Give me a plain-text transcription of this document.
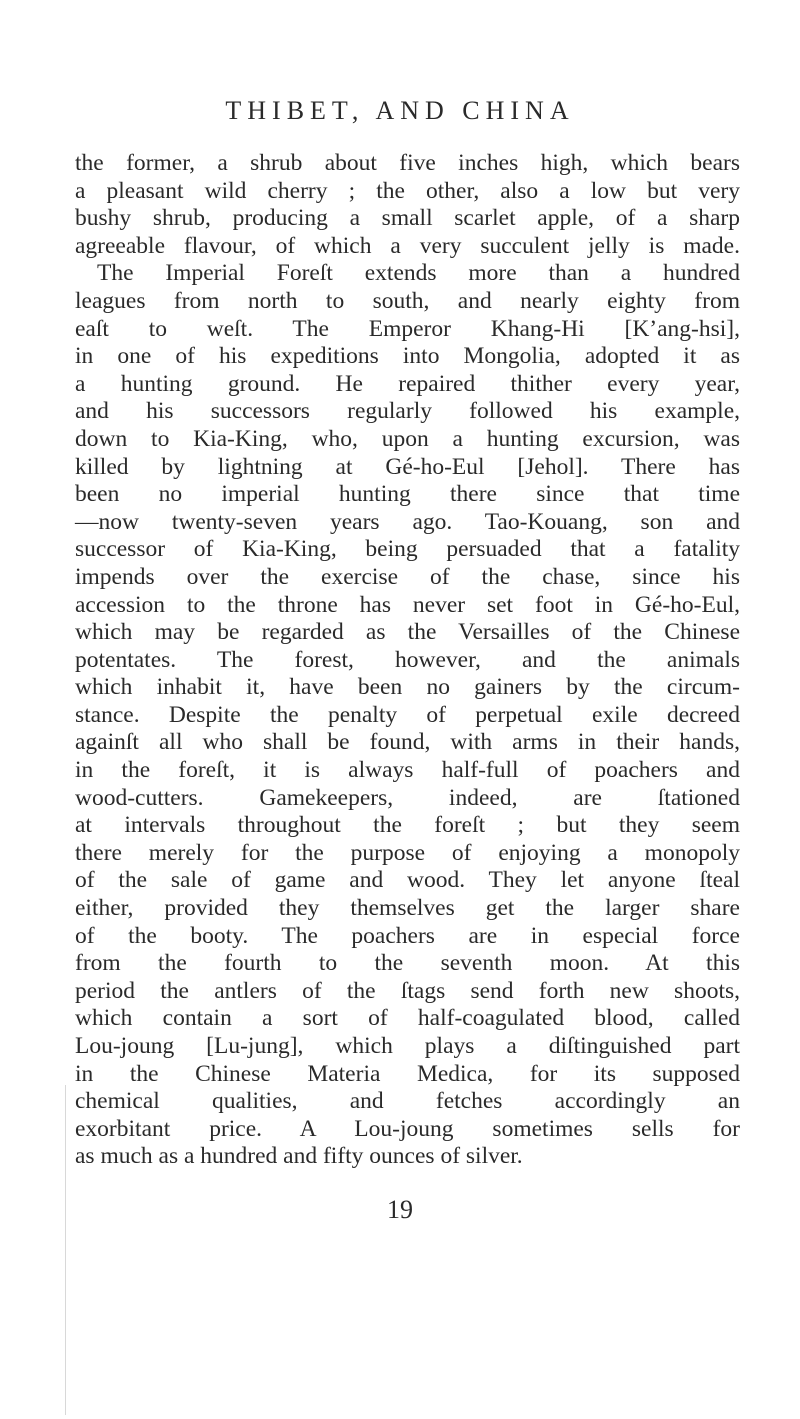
THIBET, AND CHINA
the former, a shrub about five inches high, which bears
a pleasant wild cherry ; the other, also a low but very
bushy shrub, producing a small scarlet apple, of a sharp
agreeable flavour, of which a very succulent jelly is made.
The Imperial Foreſt extends more than a hundred
leagues from north to south, and nearly eighty from
eaſt to weſt. The Emperor Khang-Hi [K’ang-hsi],
in one of his expeditions into Mongolia, adopted it as
a hunting ground. He repaired thither every year,
and his successors regularly followed his example,
down to Kia-King, who, upon a hunting excursion, was
killed by lightning at Gé-ho-Eul [Jehol]. There has
been no imperial hunting there since that time
—now twenty-seven years ago. Tao-Kouang, son and
successor of Kia-King, being persuaded that a fatality
impends over the exercise of the chase, since his
accession to the throne has never set foot in Gé-ho-Eul,
which may be regarded as the Versailles of the Chinese
potentates. The forest, however, and the animals
which inhabit it, have been no gainers by the circum-
stance. Despite the penalty of perpetual exile decreed
againſt all who shall be found, with arms in their hands,
in the foreſt, it is always half-full of poachers and
wood-cutters. Gamekeepers, indeed, are ſtationed
at intervals throughout the foreſt ; but they seem
there merely for the purpose of enjoying a monopoly
of the sale of game and wood. They let anyone ſteal
either, provided they themselves get the larger share
of the booty. The poachers are in especial force
from the fourth to the seventh moon. At this
period the antlers of the ſtags send forth new shoots,
which contain a sort of half-coagulated blood, called
Lou-joung [Lu-jung], which plays a diſtinguished part
in the Chinese Materia Medica, for its supposed
chemical qualities, and fetches accordingly an
exorbitant price. A Lou-joung sometimes sells for
as much as a hundred and fifty ounces of silver.
19
